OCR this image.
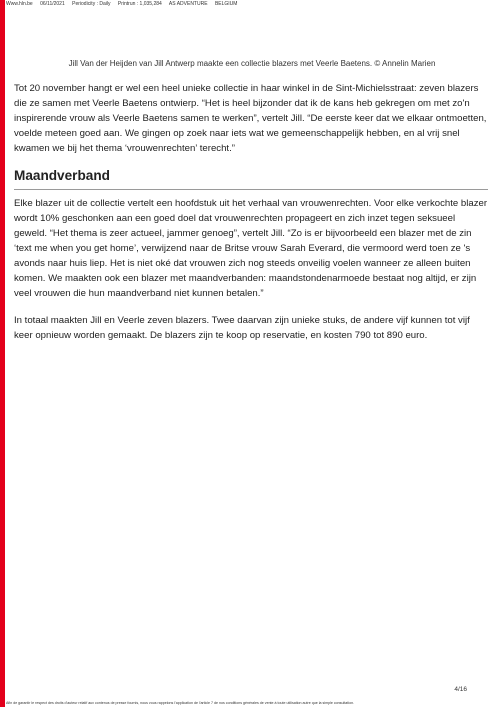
Www.hln.be 06/11/2021 Periodicity : Daily Printrun : 1,035,284 AS ADVENTURE BELGIUM
Jill Van der Heijden van Jill Antwerp maakte een collectie blazers met Veerle Baetens. © Annelin Marien

Tot 20 november hangt er wel een heel unieke collectie in haar winkel in de Sint-Michielsstraat: zeven blazers die ze samen met Veerle Baetens ontwierp. “Het is heel bijzonder dat ik de kans heb gekregen om met zo'n inspirerende vrouw als Veerle Baetens samen te werken”, vertelt Jill. “De eerste keer dat we elkaar ontmoetten, voelde meteen goed aan. We gingen op zoek naar iets wat we gemeenschappelijk hebben, en al vrij snel kwamen we bij het thema ‘vrouwenrechten’ terecht.”

Maandverband

Elke blazer uit de collectie vertelt een hoofdstuk uit het verhaal van vrouwenrechten. Voor elke verkochte blazer wordt 10% geschonken aan een goed doel dat vrouwenrechten propageert en zich inzet tegen seksueel geweld. “Het thema is zeer actueel, jammer genoeg”, vertelt Jill. “Zo is er bijvoorbeeld een blazer met de zin ‘text me when you get home’, verwijzend naar de Britse vrouw Sarah Everard, die vermoord werd toen ze 's avonds naar huis liep. Het is niet oké dat vrouwen zich nog steeds onveilig voelen wanneer ze alleen buiten komen. We maakten ook een blazer met maandverbanden: maandstondenarmoede bestaat nog altijd, er zijn veel vrouwen die hun maandverband niet kunnen betalen.”

In totaal maakten Jill en Veerle zeven blazers. Twee daarvan zijn unieke stuks, de andere vijf kunnen tot vijf keer opnieuw worden gemaakt. De blazers zijn te koop op reservatie, en kosten 790 tot 890 euro.

4/16
Afin de garantir le respect des droits d'auteur relatif aux contenus de presse fournis, nous vous rappelons l'application de l'article 7 de nos conditions générales de vente à toute utilisation autre que la simple consultation.
